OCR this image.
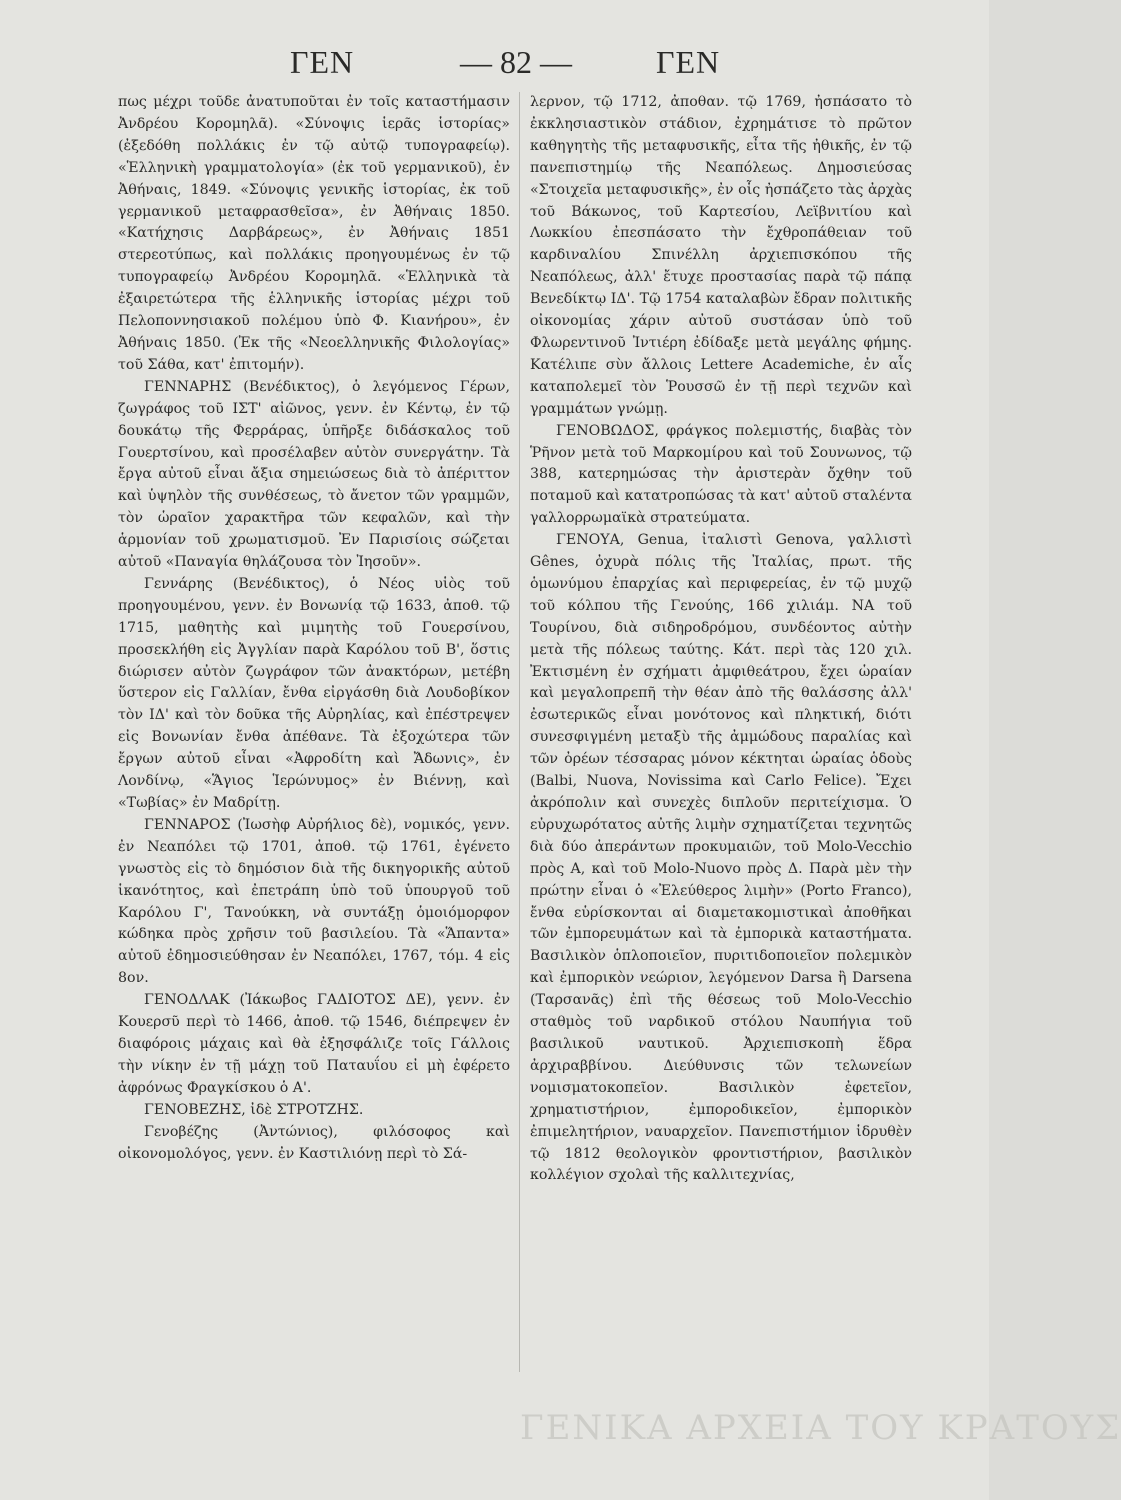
ΓΕΝ	— 82 —	ΓΕΝ

πως μέχρι τοῦδε ἀνατυποῦται ἐν τοῖς καταστήμασιν Ἀνδρέου Κορομηλᾶ). «Σύνοψις ἱερᾶς ἱστορίας» (ἐξεδόθη πολλάκις ἐν τῷ αὐτῷ τυπογραφείῳ). «Ἑλληνικὴ γραμματολογία» (ἐκ τοῦ γερμανικοῦ), ἐν Ἀθήναις, 1849. «Σύνοψις γενικῆς ἱστορίας, ἐκ τοῦ γερμανικοῦ μεταφρασθεῖσα», ἐν Ἀθήναις 1850. «Κατήχησις Δαρβάρεως», ἐν Ἀθήναις 1851 στερεοτύπως, καὶ πολλάκις προηγουμένως ἐν τῷ τυπογραφείῳ Ἀνδρέου Κορομηλᾶ. «Ἑλληνικὰ τὰ ἐξαιρετώτερα τῆς ἑλληνικῆς ἱστορίας μέχρι τοῦ Πελοποννησιακοῦ πολέμου ὑπὸ Φ. Κιανήρου», ἐν Ἀθήναις 1850. (Ἐκ τῆς «Νεοελληνικῆς Φιλολογίας» τοῦ Σάθα, κατ' ἐπιτομήν).

ΓΕΝΝΑΡΗΣ (Βενέδικτος), ὁ λεγόμενος Γέρων, ζωγράφος τοῦ ΙΣΤ' αἰῶνος, γενν. ἐν Κέντῳ, ἐν τῷ δουκάτῳ τῆς Φερράρας, ὑπῆρξε διδάσκαλος τοῦ Γουερτσίνου, καὶ προσέλαβεν αὐτὸν συνεργάτην. Τὰ ἔργα αὐτοῦ εἶναι ἄξια σημειώσεως διὰ τὸ ἀπέριττον καὶ ὑψηλὸν τῆς συνθέσεως, τὸ ἄνετον τῶν γραμμῶν, τὸν ὡραῖον χαρακτῆρα τῶν κεφαλῶν, καὶ τὴν ἁρμονίαν τοῦ χρωματισμοῦ. Ἐν Παρισίοις σώζεται αὐτοῦ «Παναγία θηλάζουσα τὸν Ἰησοῦν».

Γεννάρης (Βενέδικτος), ὁ Νέος υἱὸς τοῦ προηγουμένου, γενν. ἐν Βονωνίᾳ τῷ 1633, ἀποθ. τῷ 1715, μαθητὴς καὶ μιμητὴς τοῦ Γουερσίνου, προσεκλήθη εἰς Ἀγγλίαν παρὰ Καρόλου τοῦ Β', ὅστις διώρισεν αὐτὸν ζωγράφον τῶν ἀνακτόρων, μετέβη ὕστερον εἰς Γαλλίαν, ἔνθα εἰργάσθη διὰ Λουδοβίκον τὸν ΙΔ' καὶ τὸν δοῦκα τῆς Αὐρηλίας, καὶ ἐπέστρεψεν εἰς Βονωνίαν ἔνθα ἀπέθανε. Τὰ ἐξοχώτερα τῶν ἔργων αὐτοῦ εἶναι «Ἀφροδίτη καὶ Ἄδωνις», ἐν Λονδίνῳ, «Ἅγιος Ἱερώνυμος» ἐν Βιέννῃ, καὶ «Τωβίας» ἐν Μαδρίτῃ.

ΓΕΝΝΑΡΟΣ (Ἰωσὴφ Αὐρήλιος δὲ), νομικός, γενν. ἐν Νεαπόλει τῷ 1701, ἀποθ. τῷ 1761, ἐγένετο γνωστὸς εἰς τὸ δημόσιον διὰ τῆς δικηγορικῆς αὐτοῦ ἱκανότητος, καὶ ἐπετράπη ὑπὸ τοῦ ὑπουργοῦ τοῦ Καρόλου Γ', Τανούκκη, νὰ συντάξῃ ὁμοιόμορφον κώδηκα πρὸς χρῆσιν τοῦ βασιλείου. Τὰ «Ἅπαντα» αὐτοῦ ἐδημοσιεύθησαν ἐν Νεαπόλει, 1767, τόμ. 4 εἰς 8ον.

ΓΕΝΟΔΛΑΚ (Ἰάκωβος ΓΑΔΙΟΤΟΣ ΔΕ), γενν. ἐν Κουερσῦ περὶ τὸ 1466, ἀποθ. τῷ 1546, διέπρεψεν ἐν διαφόροις μάχαις καὶ θὰ ἐξησφάλιζε τοῖς Γάλλοις τὴν νίκην ἐν τῇ μάχῃ τοῦ Παταυΐου εἰ μὴ ἐφέρετο ἀφρόνως Φραγκίσκου ὁ Α'.

ΓΕΝΟΒΕΖΗΣ, ἰδὲ ΣΤΡΟΤΖΗΣ.

Γενοβέζης (Ἀντώνιος), φιλόσοφος καὶ οἰκονομολόγος, γενν. ἐν Καστιλιόνῃ περὶ τὸ Σά-

λερνον, τῷ 1712, ἀποθαν. τῷ 1769, ἠσπάσατο τὸ ἐκκλησιαστικὸν στάδιον, ἐχρημάτισε τὸ πρῶτον καθηγητὴς τῆς μεταφυσικῆς, εἶτα τῆς ἠθικῆς, ἐν τῷ πανεπιστημίῳ τῆς Νεαπόλεως. Δημοσιεύσας «Στοιχεῖα μεταφυσικῆς», ἐν οἷς ἠσπάζετο τὰς ἀρχὰς τοῦ Βάκωνος, τοῦ Καρτεσίου, Λεϊβνιτίου καὶ Λωκκίου ἐπεσπάσατο τὴν ἔχθροπάθειαν τοῦ καρδιναλίου Σπινέλλη ἀρχιεπισκόπου τῆς Νεαπόλεως, ἀλλ' ἔτυχε προστασίας παρὰ τῷ πάπᾳ Βενεδίκτῳ ΙΔ'. Τῷ 1754 καταλαβὼν ἔδραν πολιτικῆς οἰκονομίας χάριν αὐτοῦ συστάσαν ὑπὸ τοῦ Φλωρεντινοῦ Ἰντιέρη ἐδίδαξε μετὰ μεγάλης φήμης. Κατέλιπε σὺν ἄλλοις Lettere Academiche, ἐν αἷς καταπολεμεῖ τὸν Ῥουσσῶ ἐν τῇ περὶ τεχνῶν καὶ γραμμάτων γνώμῃ.

ΓΕΝΟΒΩΔΟΣ, φράγκος πολεμιστής, διαβὰς τὸν Ῥῆνον μετὰ τοῦ Μαρκομίρου καὶ τοῦ Σουνωνος, τῷ 388, κατερημώσας τὴν ἀριστερὰν ὄχθην τοῦ ποταμοῦ καὶ κατατροπώσας τὰ κατ' αὐτοῦ σταλέντα γαλλορρωμαϊκὰ στρατεύματα.

ΓΕΝΟΥΑ, Genua, ἰταλιστὶ Genova, γαλλιστὶ Gênes, ὀχυρὰ πόλις τῆς Ἰταλίας, πρωτ. τῆς ὁμωνύμου ἐπαρχίας καὶ περιφερείας, ἐν τῷ μυχῷ τοῦ κόλπου τῆς Γενούης, 166 χιλιάμ. ΝΑ τοῦ Τουρίνου, διὰ σιδηροδρόμου, συνδέοντος αὐτὴν μετὰ τῆς πόλεως ταύτης. Κάτ. περὶ τὰς 120 χιλ. Ἐκτισμένη ἐν σχήματι ἀμφιθεάτρου, ἔχει ὡραίαν καὶ μεγαλοπρεπῆ τὴν θέαν ἀπὸ τῆς θαλάσσης ἀλλ' ἐσωτερικῶς εἶναι μονότονος καὶ πληκτική, διότι συνεσφιγμένη μεταξὺ τῆς ἀμμώδους παραλίας καὶ τῶν ὀρέων τέσσαρας μόνον κέκτηται ὡραίας ὁδοὺς (Balbi, Nuova, Novissima καὶ Carlo Felice). Ἔχει ἀκρόπολιν καὶ συνεχὲς διπλοῦν περιτείχισμα. Ὁ εὐρυχωρότατος αὐτῆς λιμὴν σχηματίζεται τεχνητῶς διὰ δύο ἀπεράντων προκυμαιῶν, τοῦ Molo-Vecchio πρὸς Α, καὶ τοῦ Molo-Nuovo πρὸς Δ. Παρὰ μὲν τὴν πρώτην εἶναι ὁ «Ἐλεύθερος λιμὴν» (Porto Franco), ἔνθα εὑρίσκονται αἱ διαμετακομιστικαὶ ἀποθῆκαι τῶν ἐμπορευμάτων καὶ τὰ ἐμπορικὰ καταστήματα. Βασιλικὸν ὁπλοποιεῖον, πυριτιδοποιεῖον πολεμικὸν καὶ ἐμπορικὸν νεώριον, λεγόμενον Darsa ἢ Darsena (Ταρσανᾶς) ἐπὶ τῆς θέσεως τοῦ Molo-Vecchio σταθμὸς τοῦ ναρδικοῦ στόλου Ναυπήγια τοῦ βασιλικοῦ ναυτικοῦ. Ἀρχιεπισκοπὴ ἕδρα ἀρχιραββίνου. Διεύθυνσις τῶν τελωνείων νομισματοκοπεῖον. Βασιλικὸν ἐφετεῖον, χρηματιστήριον, ἐμποροδικεῖον, ἐμπορικὸν ἐπιμελητήριον, ναυαρχεῖον. Πανεπιστήμιον ἱδρυθὲν τῷ 1812 θεολογικὸν φροντιστήριον, βασιλικὸν κολλέγιον σχολαὶ τῆς καλλιτεχνίας,

ΓΕΝΙΚΑ ΑΡΧΕΙΑ ΤΟΥ ΚΡΑΤΟΥΣ
